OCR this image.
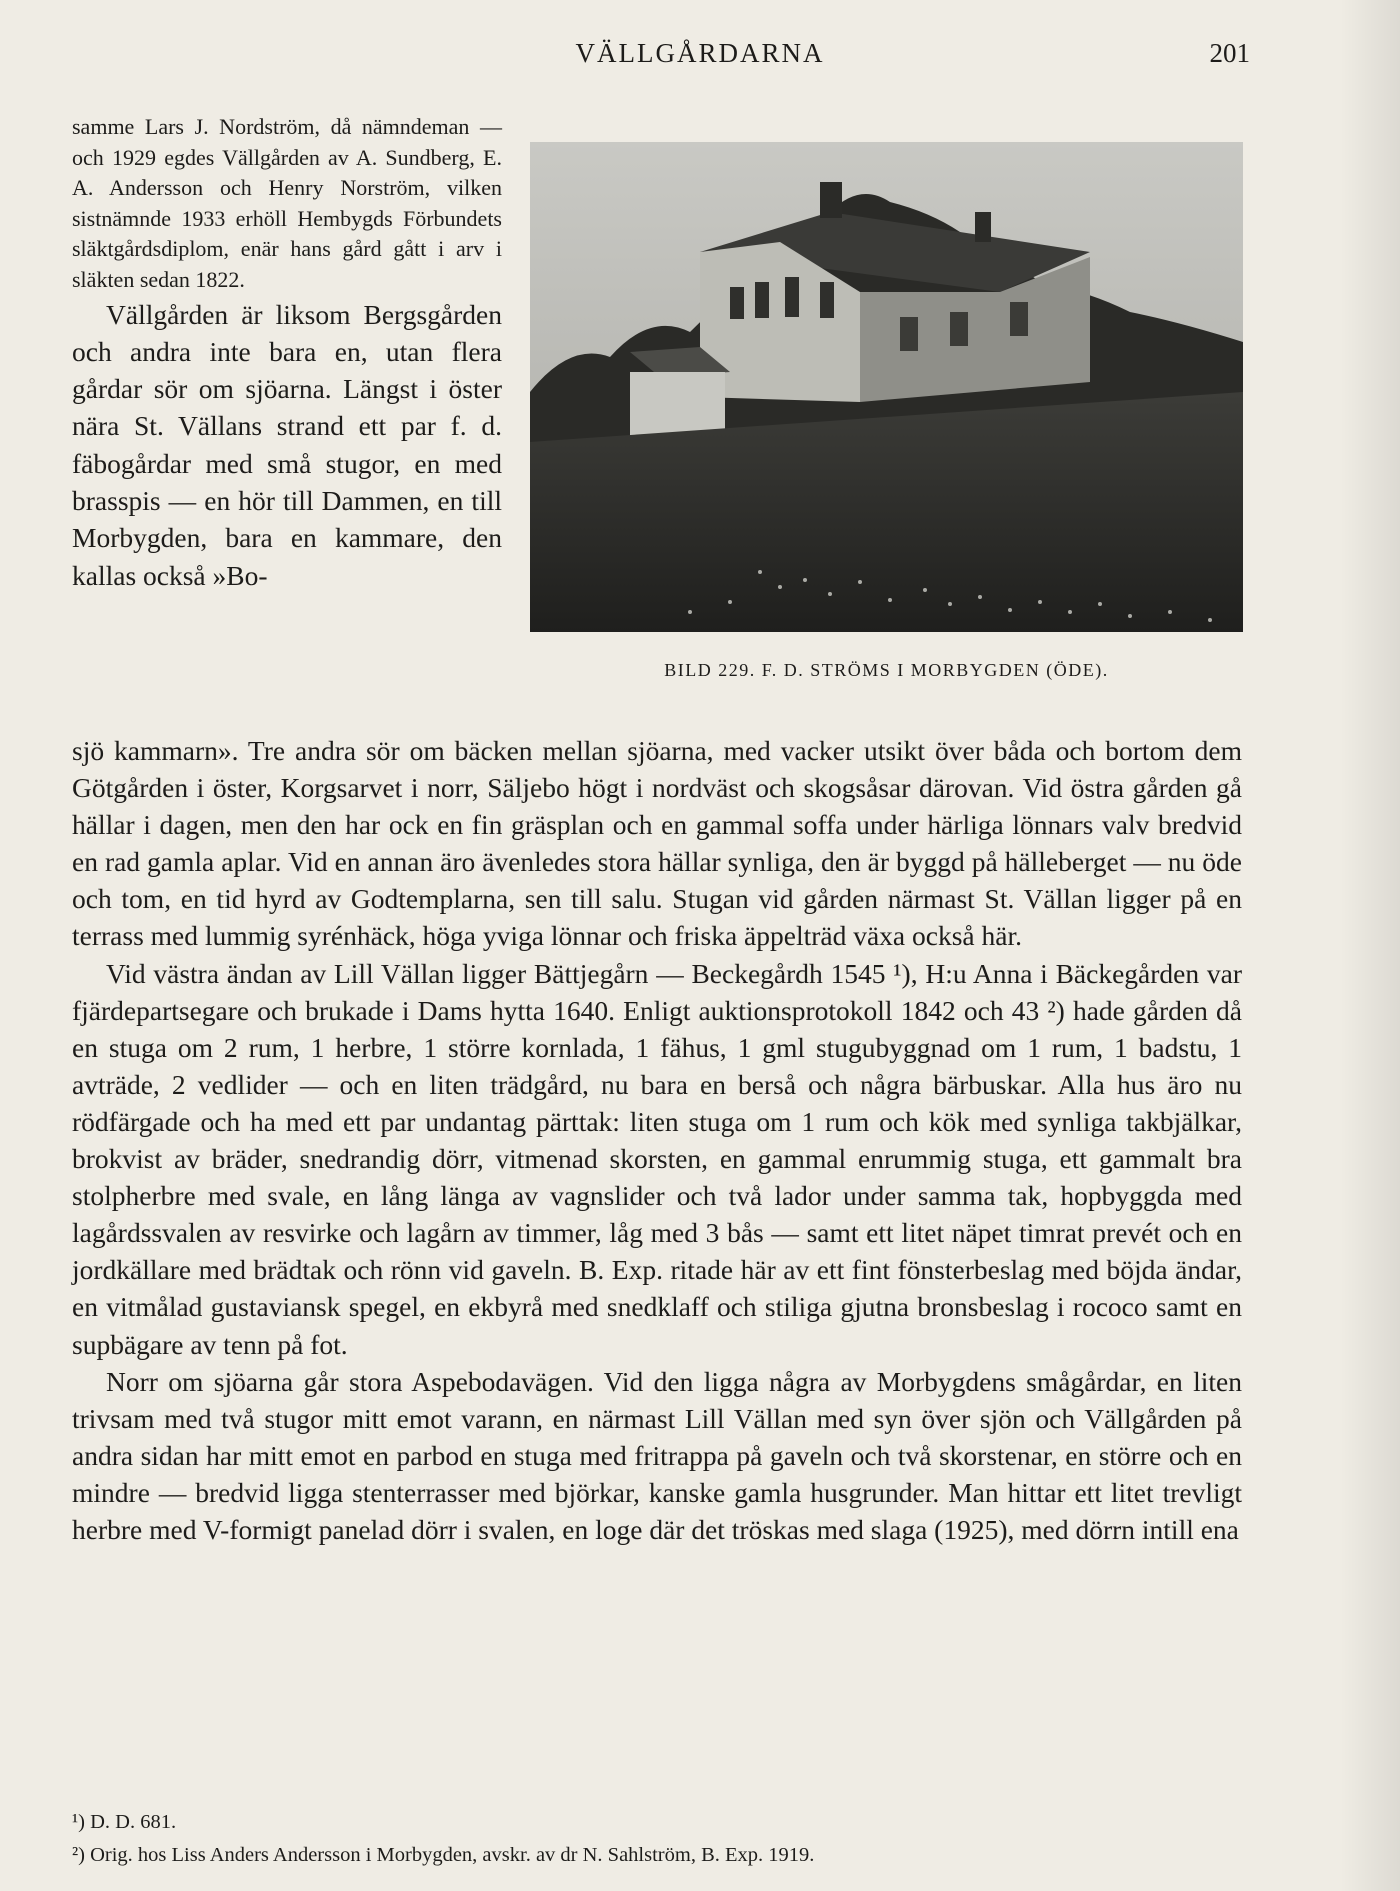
VÄLLGÅRDARNA	201

samme Lars J. Nordström, då nämndeman — och 1929 egdes Vällgården av A. Sundberg, E. A. Andersson och Henry Norström, vilken sistnämnde 1933 erhöll Hembygds Förbundets släktgårdsdiplom, enär hans gård gått i arv i släkten sedan 1822.

Vällgården är liksom Bergsgården och andra inte bara en, utan flera gårdar sör om sjöarna. Längst i öster nära St. Vällans strand ett par f. d. fäbogårdar med små stugor, en med brasspis — en hör till Dammen, en till Morbygden, bara en kammare, den kallas också »Bo-

BILD 229. F. D. STRÖMS I MORBYGDEN (ÖDE).

sjö kammarn». Tre andra sör om bäcken mellan sjöarna, med vacker utsikt över båda och bortom dem Götgården i öster, Korgsarvet i norr, Säljebo högt i nordväst och skogsåsar därovan. Vid östra gården gå hällar i dagen, men den har ock en fin gräsplan och en gammal soffa under härliga lönnars valv bredvid en rad gamla aplar. Vid en annan äro ävenledes stora hällar synliga, den är byggd på hälleberget — nu öde och tom, en tid hyrd av Godtemplarna, sen till salu. Stugan vid gården närmast St. Vällan ligger på en terrass med lummig syrénhäck, höga yviga lönnar och friska äppelträd växa också här.

Vid västra ändan av Lill Vällan ligger Bättjegårn — Beckegårdh 1545 ¹), H:u Anna i Bäckegården var fjärdepartsegare och brukade i Dams hytta 1640. Enligt auktionsprotokoll 1842 och 43 ²) hade gården då en stuga om 2 rum, 1 herbre, 1 större kornlada, 1 fähus, 1 gml stugubyggnad om 1 rum, 1 badstu, 1 avträde, 2 vedlider — och en liten trädgård, nu bara en berså och några bärbuskar. Alla hus äro nu rödfärgade och ha med ett par undantag pärttak: liten stuga om 1 rum och kök med synliga takbjälkar, brokvist av bräder, snedrandig dörr, vitmenad skorsten, en gammal enrummig stuga, ett gammalt bra stolpherbre med svale, en lång länga av vagnslider och två lador under samma tak, hopbyggda med lagårdssvalen av resvirke och lagårn av timmer, låg med 3 bås — samt ett litet näpet timrat prevét och en jordkällare med brädtak och rönn vid gaveln. B. Exp. ritade här av ett fint fönsterbeslag med böjda ändar, en vitmålad gustaviansk spegel, en ekbyrå med snedklaff och stiliga gjutna bronsbeslag i rococo samt en supbägare av tenn på fot.

Norr om sjöarna går stora Aspebodavägen. Vid den ligga några av Morbygdens smågårdar, en liten trivsam med två stugor mitt emot varann, en närmast Lill Vällan med syn över sjön och Vällgården på andra sidan har mitt emot en parbod en stuga med fritrappa på gaveln och två skorstenar, en större och en mindre — bredvid ligga stenterrasser med björkar, kanske gamla husgrunder. Man hittar ett litet trevligt herbre med V-formigt panelad dörr i svalen, en loge där det tröskas med slaga (1925), med dörrn intill ena

¹) D. D. 681.

²) Orig. hos Liss Anders Andersson i Morbygden, avskr. av dr N. Sahlström, B. Exp. 1919.
